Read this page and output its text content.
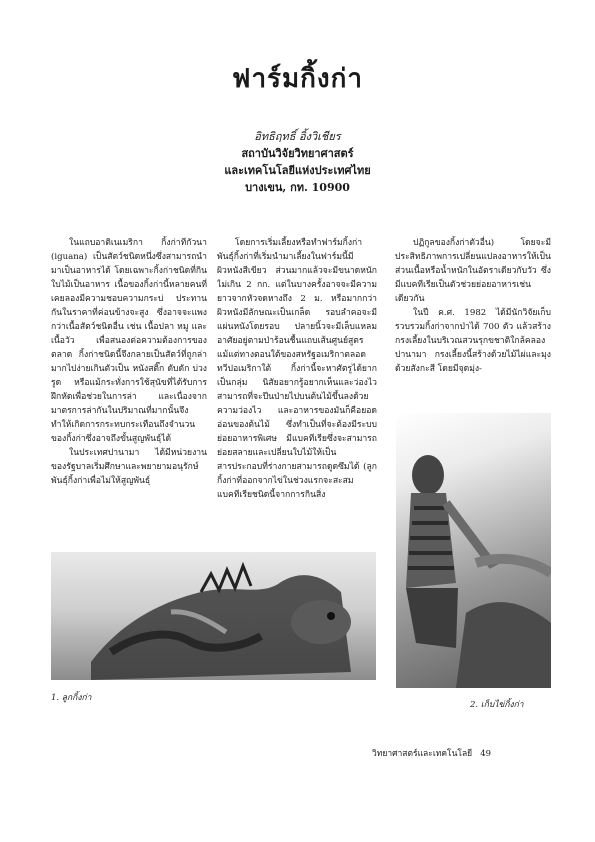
ฟาร์มกิ้งก่า
อิทธิฤทธิ์ อิ้งวิเชียร
สถาบันวิจัยวิทยาศาสตร์
และเทคโนโลยีแห่งประเทศไทย
บางเขน, กท. 10900

ในแถบอาติเนเมริกา กิ้งก่าทีกัวนา (iguana) เป็นสัตว์ชนิดหนึ่งซึ่งสามารถนำมาเป็นอาหารได้ โดยเฉพาะกิ้งก่าชนิดที่กินใบไม้เป็นอาหาร เนื้อของกิ้งก่านี้หลายคนที่เคยลองมีความชอบความกระบ่ ประทานกันในราคาที่ค่อนข้างจะสูง ซึ่งอาจจะแพงกว่าเนื้อสัตว์ชนิดอื่น เช่น เนื้อปลา หมู และเนื้อวัว เพื่อสนองต่อความต้องการของตลาด กิ้งก่าชนิดนี้จึงกลายเป็นสัตว์ที่ถูกล่ามากไปง่ายเกินตัวเป็น หนังสติ๊ก ดับดัก บ่วงรูด หรือแม้กระทั่งการใช้สุนัขที่ได้รับการฝึกหัดเพื่อช่วยในการล่า และเนื่องจากมาตรการล่ากันในปริมาณที่มากนั้นจึงทำให้เกิดการกระทบกระเทือนถึงจำนวนของกิ้งก่าซึ่งอาจถึงขั้นสูญพันธุ์ได้

ในประเทศปานามา ได้มีหน่วยงานของรัฐบาลเริ่มศึกษาและพยายามอนุรักษ์พันธุ์กิ้งก่าเพื่อไม่ให้สูญพันธุ์

โดยการเริ่มเลี้ยงหรือทำฟาร์มกิ้งก่า พันธุ์กิ้งก่าที่เริ่มนำมาเลี้ยงในฟาร์มนี้มีผิวหนังสีเขียว ส่วนมากแล้วจะมีขนาดหนักไม่เกิน 2 กก. แต่ในบางครั้งอาจจะมีความยาวจากหัวจดหางถึง 2 ม. หรือมากกว่า ผิวหนังมีลักษณะเป็นเกล็ด รอบลำคอจะมีแผ่นหนังโดยรอบ ปลายนิ้วจะมีเล็บแหลม อาศัยอยู่ตามป่าร้อนชื้นแถบเส้นศูนย์สูตร แม้แต่ทางตอนใต้ของสหรัฐอเมริกาตลอดทวีปอเมริกาใต้ กิ้งก่านี้จะหาศัตรูได้ยากเป็นกลุ่ม นิสัยอยากรู้อยากเห็นและว่องไว สามารถที่จะปีนป่ายไปบนต้นไม้ขึ้นลงด้วยความว่องไว และอาหารของมันก็คือยอดอ่อนของต้นไม้ ซึ่งทำเป็นที่จะต้องมีระบบย่อยอาหารพิเศษ มีแบคทีเรียซึ่งจะสามารถย่อยสลายและเปลี่ยนใบไม้ให้เป็นสารประกอบที่ร่างกายสามารถดูดซึมได้ (ลูกกิ้งก่าที่ออกจากไข่ในช่วงแรกจะสะสมแบคทีเรียชนิดนี้จากการกินสิ่ง

ปฏิกูลของกิ้งก่าตัวอื่น) โดยจะมีประสิทธิภาพการเปลี่ยนแปลงอาหารให้เป็นส่วนเนื้อหรือน้ำหนักในอัตราเดียวกับวัว ซึ่งมีแบคทีเรียเป็นตัวช่วยย่อยอาหารเช่นเดียวกัน

ในปี ค.ศ. 1982 ได้มีนักวิจัยเก็บรวบรวมกิ้งก่าจากป่าได้ 700 ตัว แล้วสร้างกรงเลี้ยงในบริเวณสวนรุกขชาติใกล้คลองปานามา กรงเลี้ยงนี้สร้างด้วยไม้ไผ่และมุงด้วยสังกะสี โดยมีจุดมุ่ง-

1. ลูกกิ้งก่า
2. เก็บไข่กิ้งก่า
วิทยาศาสตร์และเทคโนโลยี 49
